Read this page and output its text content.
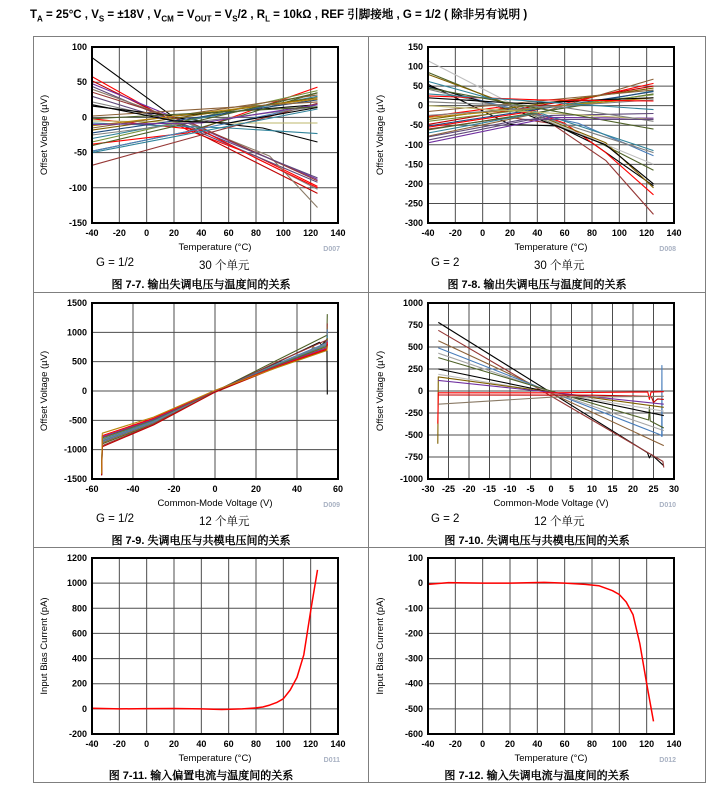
$T_A = 25^\circ C$ , $V_S = \pm 18V$ , $V_{CM} = V_{OUT} = V_S/2$ , $R_L = 10k\Omega$ , REF 引脚接地 , G = 1/2 ( 除非另有说明 )
-40 -20 0 20 40 60 80 100 120 140
-150
-100
-50
0
50
100
Temperature (°C)
Offset Voltage (µV)
D007
G = 1/2	30 个单元
图 7-7. 输出失调电压与温度间的关系
-40 -20 0 20 40 60 80 100 120 140
-300
-250
-200
-150
-100
-50
0
50
100
150
Temperature (°C)
Offset Voltage (µV)
D008
G = 2	30 个单元
图 7-8. 输出失调电压与温度间的关系
-60	-40	-20	0	20	40	60
-1500
-1000
-500
0
500
1000
1500
Common-Mode Voltage (V)
Offset Voltage (µV)
D009
G = 1/2	12 个单元
图 7-9. 失调电压与共模电压间的关系
-30 -25 -20 -15 -10 -5 0 5 10 15 20 25 30
-1000
-750
-500
-250
0
250
500
750
1000
Common-Mode Voltage (V)
Offset Voltage (µV)
D010
G = 2	12 个单元
图 7-10. 失调电压与共模电压间的关系
-40 -20 0 20 40 60 80 100 120 140
-200
0
200
400
600
800
1000
1200
Temperature (°C)
Input Bias Current (pA)
D011
图 7-11. 输入偏置电流与温度间的关系
-40 -20 0 20 40 60 80 100 120 140
-600
-500
-400
-300
-200
-100
0
100
Temperature (°C)
Input Bias Current (pA)
D012
图 7-12. 输入失调电流与温度间的关系
